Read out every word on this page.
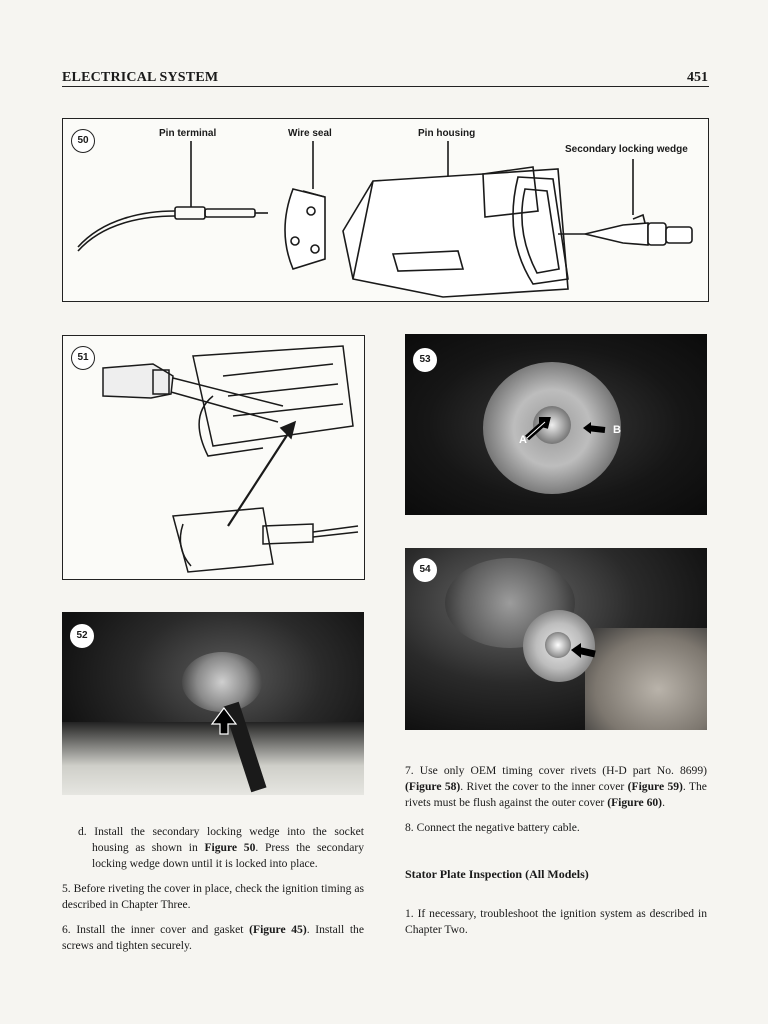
ELECTRICAL SYSTEM	451
50
Pin terminal	Wire seal	Pin housing
Secondary locking wedge
51
52
A
B
53
54

d. Install the secondary locking wedge into the socket housing as shown in Figure 50. Press the secondary locking wedge down until it is locked into place.

5. Before riveting the cover in place, check the ignition timing as described in Chapter Three.

6. Install the inner cover and gasket (Figure 45). Install the screws and tighten securely.

7. Use only OEM timing cover rivets (H-D part No. 8699) (Figure 58). Rivet the cover to the inner cover (Figure 59). The rivets must be flush against the outer cover (Figure 60).

8. Connect the negative battery cable.

Stator Plate Inspection (All Models)

1. If necessary, troubleshoot the ignition system as described in Chapter Two.
